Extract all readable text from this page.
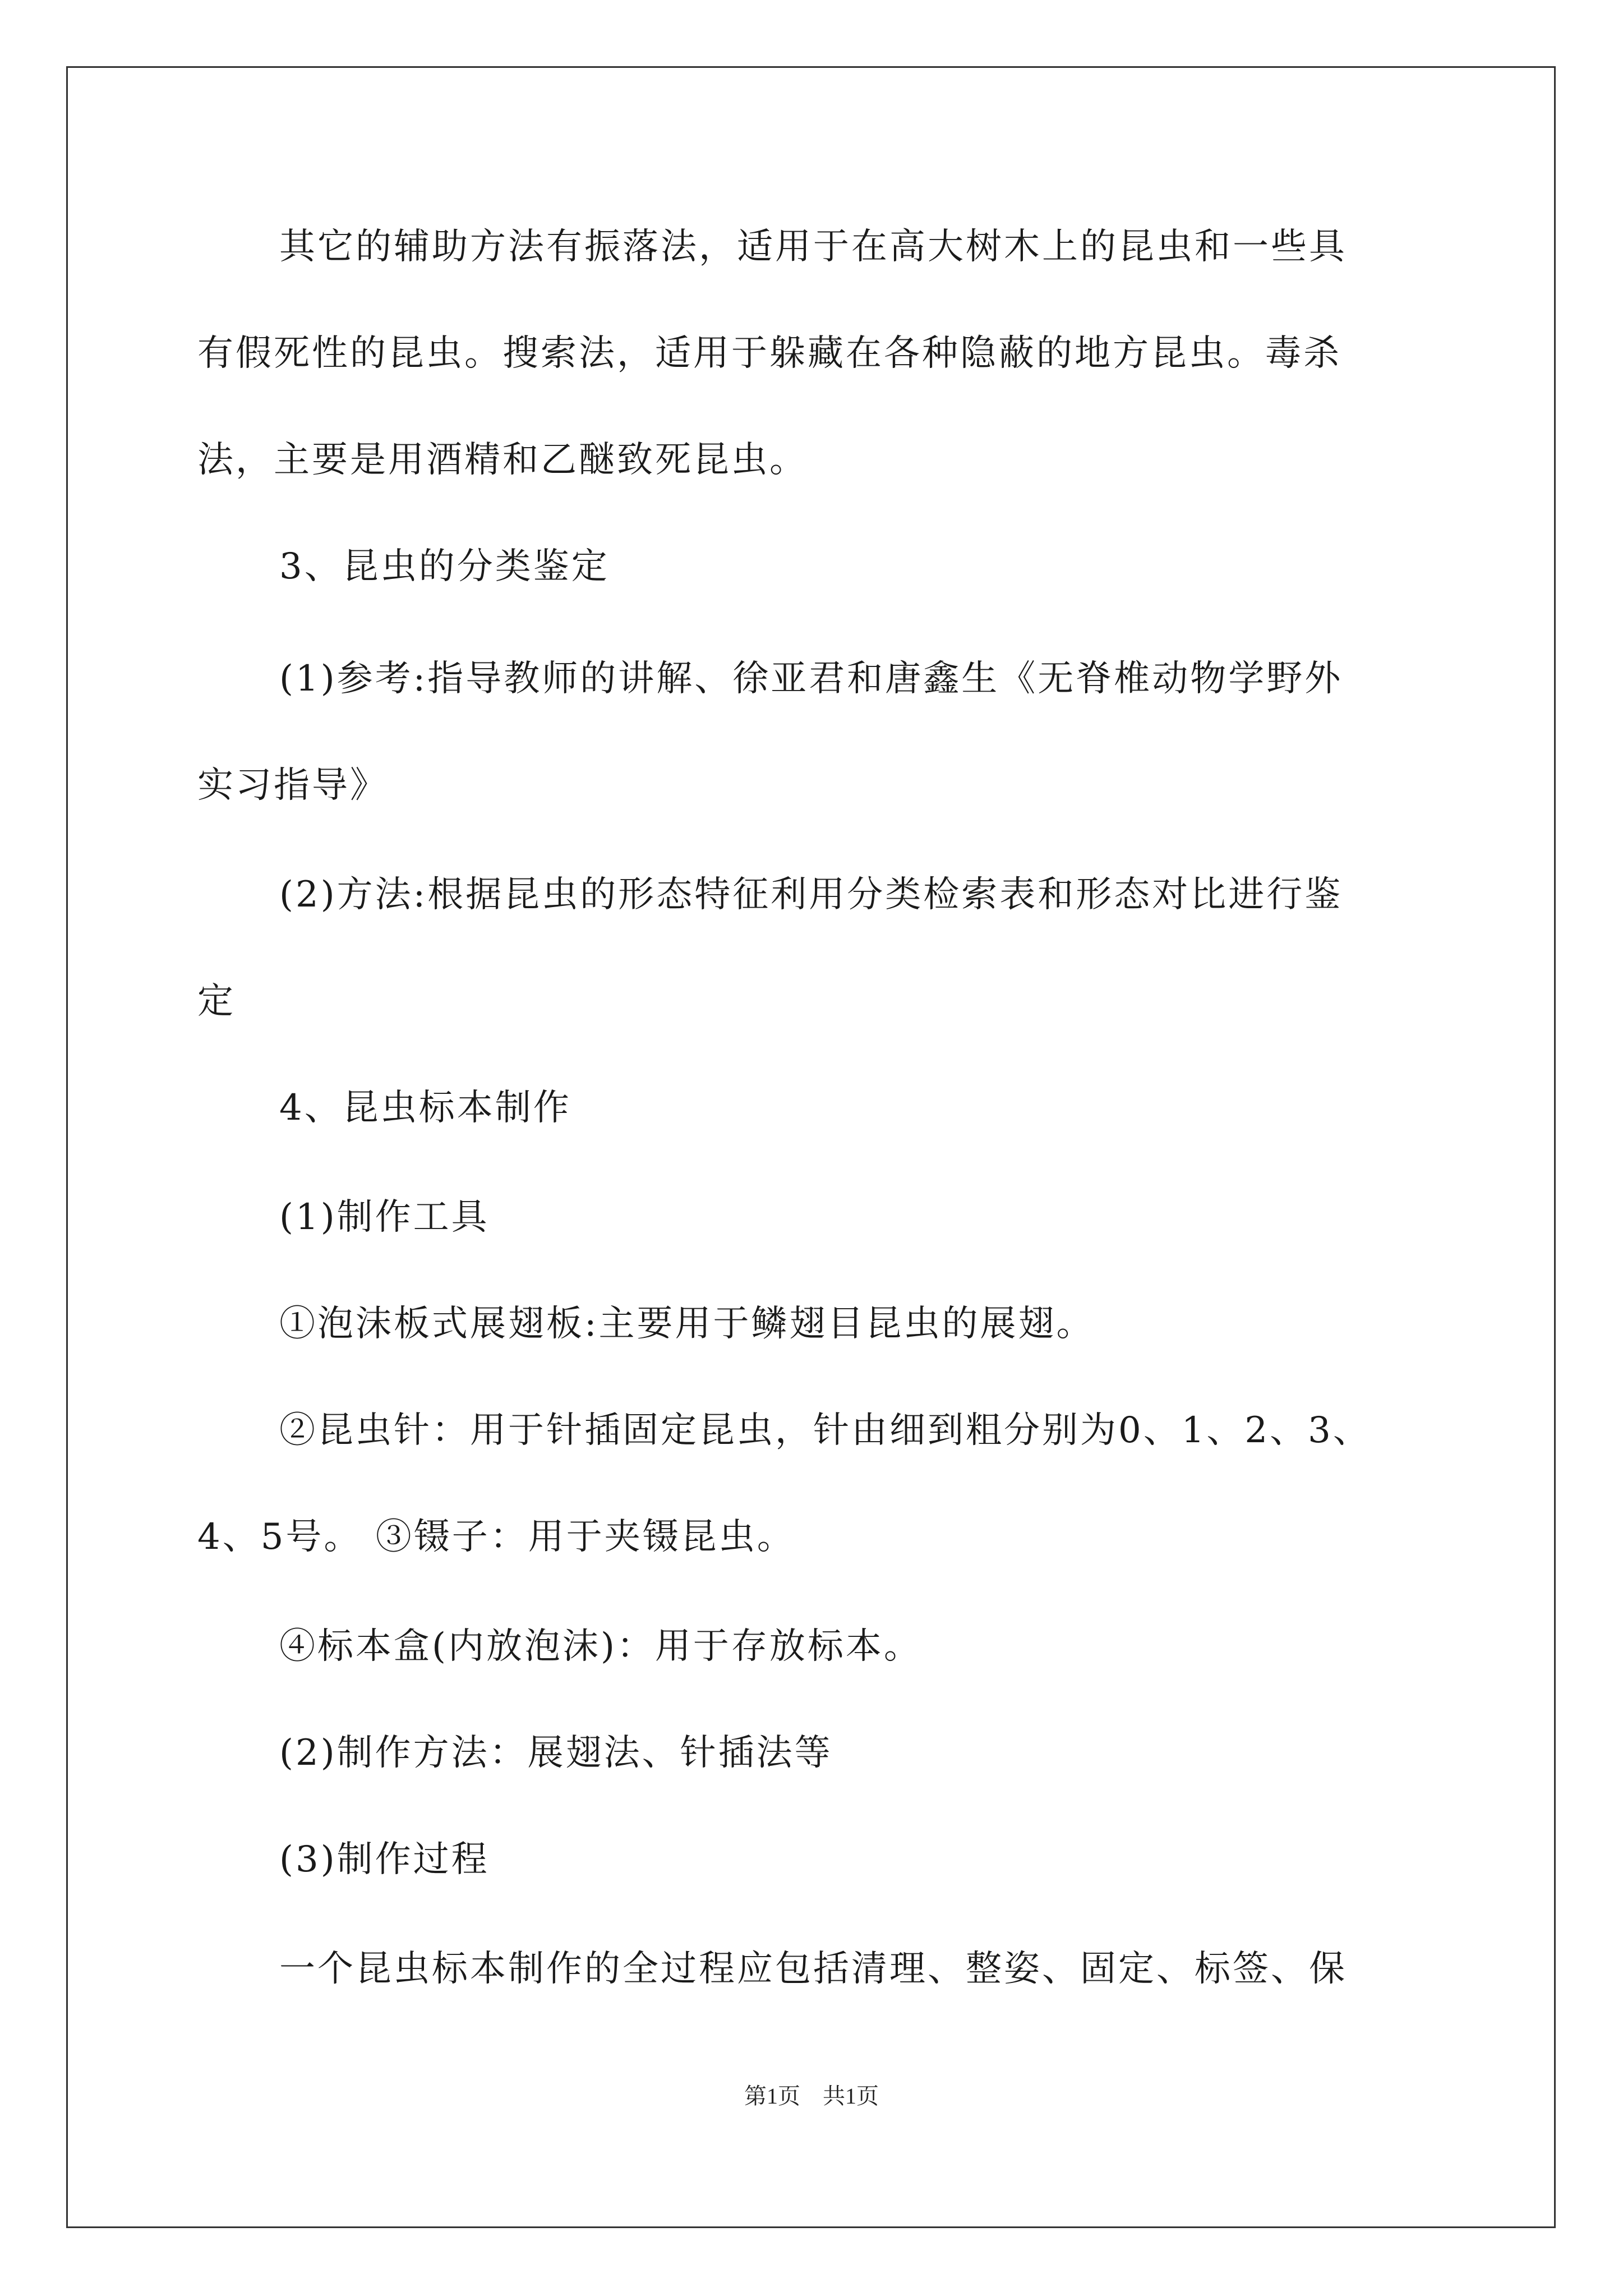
其它的辅助方法有振落法，适用于在高大树木上的昆虫和一些具
有假死性的昆虫。搜索法，适用于躲藏在各种隐蔽的地方昆虫。毒杀
法，主要是用酒精和乙醚致死昆虫。
3、昆虫的分类鉴定
(1)参考:指导教师的讲解、徐亚君和唐鑫生《无脊椎动物学野外
实习指导》
(2)方法:根据昆虫的形态特征利用分类检索表和形态对比进行鉴
定
4、昆虫标本制作
(1)制作工具
①泡沫板式展翅板:主要用于鳞翅目昆虫的展翅。
②昆虫针：用于针插固定昆虫，针由细到粗分别为0、1、2、3、
4、5号。 ③镊子：用于夹镊昆虫。
④标本盒(内放泡沫)：用于存放标本。
(2)制作方法：展翅法、针插法等
(3)制作过程
一个昆虫标本制作的全过程应包括清理、整姿、固定、标签、保
第1页　共1页
